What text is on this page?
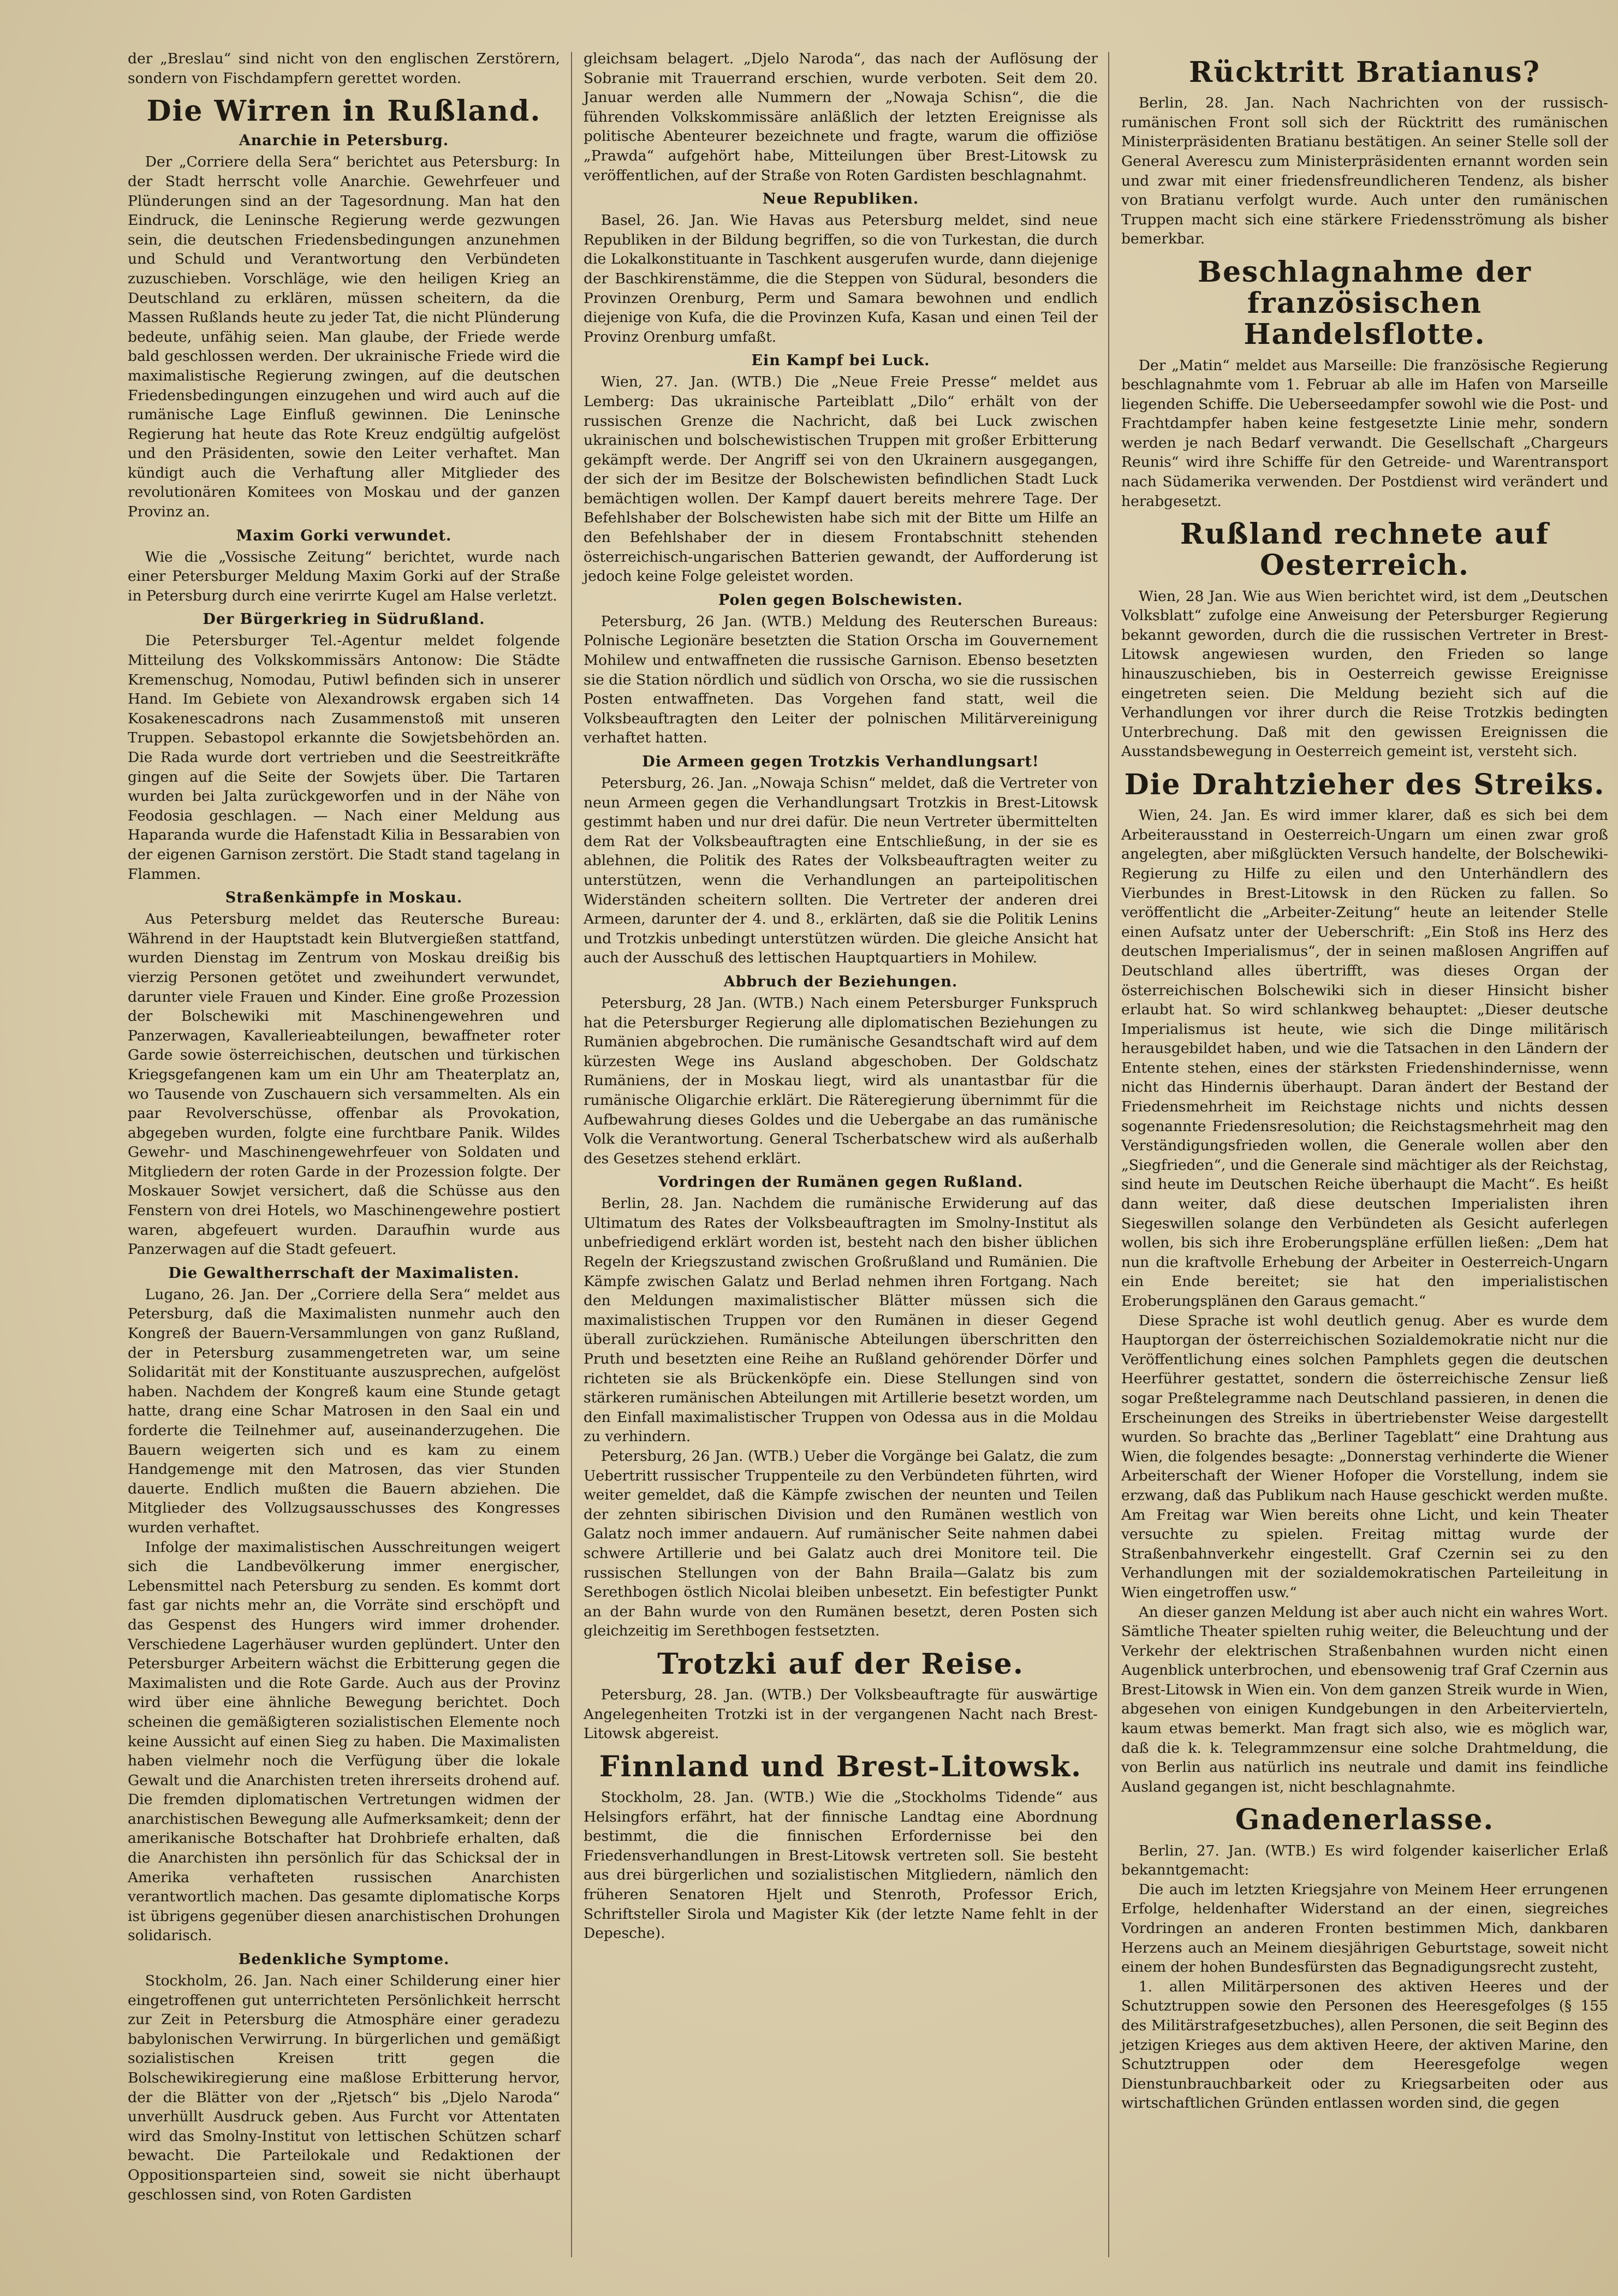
der „Breslau“ sind nicht von den englischen Zerstörern, sondern von Fischdampfern gerettet worden.

Die Wirren in Rußland.
Anarchie in Petersburg.

Der „Corriere della Sera“ berichtet aus Petersburg: In der Stadt herrscht volle Anarchie. Gewehrfeuer und Plünderungen sind an der Tagesordnung. Man hat den Eindruck, die Leninsche Regierung werde gezwungen sein, die deutschen Friedensbedingungen anzunehmen und Schuld und Verantwortung den Verbündeten zuzuschieben. Vorschläge, wie den heiligen Krieg an Deutschland zu erklären, müssen scheitern, da die Massen Rußlands heute zu jeder Tat, die nicht Plünderung bedeute, unfähig seien. Man glaube, der Friede werde bald geschlossen werden. Der ukrainische Friede wird die maximalistische Regierung zwingen, auf die deutschen Friedensbedingungen einzugehen und wird auch auf die rumänische Lage Einfluß gewinnen. Die Leninsche Regierung hat heute das Rote Kreuz endgültig aufgelöst und den Präsidenten, sowie den Leiter verhaftet. Man kündigt auch die Verhaftung aller Mitglieder des revolutionären Komitees von Moskau und der ganzen Provinz an.

Maxim Gorki verwundet.

Wie die „Vossische Zeitung“ berichtet, wurde nach einer Petersburger Meldung Maxim Gorki auf der Straße in Petersburg durch eine verirrte Kugel am Halse verletzt.

Der Bürgerkrieg in Südrußland.

Die Petersburger Tel.-Agentur meldet folgende Mitteilung des Volkskommissärs Antonow: Die Städte Kremenschug, Nomodau, Putiwl befinden sich in unserer Hand. Im Gebiete von Alexandrowsk ergaben sich 14 Kosakenescadrons nach Zusammenstoß mit unseren Truppen. Sebastopol erkannte die Sowjetsbehörden an. Die Rada wurde dort vertrieben und die Seestreitkräfte gingen auf die Seite der Sowjets über. Die Tartaren wurden bei Jalta zurückgeworfen und in der Nähe von Feodosia geschlagen. — Nach einer Meldung aus Haparanda wurde die Hafenstadt Kilia in Bessarabien von der eigenen Garnison zerstört. Die Stadt stand tagelang in Flammen.

Straßenkämpfe in Moskau.

Aus Petersburg meldet das Reutersche Bureau: Während in der Hauptstadt kein Blutvergießen stattfand, wurden Dienstag im Zentrum von Moskau dreißig bis vierzig Personen getötet und zweihundert verwundet, darunter viele Frauen und Kinder. Eine große Prozession der Bolschewiki mit Maschinengewehren und Panzerwagen, Kavallerieabteilungen, bewaffneter roter Garde sowie österreichischen, deutschen und türkischen Kriegsgefangenen kam um ein Uhr am Theaterplatz an, wo Tausende von Zuschauern sich versammelten. Als ein paar Revolverschüsse, offenbar als Provokation, abgegeben wurden, folgte eine furchtbare Panik. Wildes Gewehr- und Maschinengewehrfeuer von Soldaten und Mitgliedern der roten Garde in der Prozession folgte. Der Moskauer Sowjet versichert, daß die Schüsse aus den Fenstern von drei Hotels, wo Maschinengewehre postiert waren, abgefeuert wurden. Daraufhin wurde aus Panzerwagen auf die Stadt gefeuert.

Die Gewaltherrschaft der Maximalisten.

Lugano, 26. Jan. Der „Corriere della Sera“ meldet aus Petersburg, daß die Maximalisten nunmehr auch den Kongreß der Bauern-Versammlungen von ganz Rußland, der in Petersburg zusammengetreten war, um seine Solidarität mit der Konstituante auszusprechen, aufgelöst haben. Nachdem der Kongreß kaum eine Stunde getagt hatte, drang eine Schar Matrosen in den Saal ein und forderte die Teilnehmer auf, auseinanderzugehen. Die Bauern weigerten sich und es kam zu einem Handgemenge mit den Matrosen, das vier Stunden dauerte. Endlich mußten die Bauern abziehen. Die Mitglieder des Vollzugsausschusses des Kongresses wurden verhaftet.

Infolge der maximalistischen Ausschreitungen weigert sich die Landbevölkerung immer energischer, Lebensmittel nach Petersburg zu senden. Es kommt dort fast gar nichts mehr an, die Vorräte sind erschöpft und das Gespenst des Hungers wird immer drohender. Verschiedene Lagerhäuser wurden geplündert. Unter den Petersburger Arbeitern wächst die Erbitterung gegen die Maximalisten und die Rote Garde. Auch aus der Provinz wird über eine ähnliche Bewegung berichtet. Doch scheinen die gemäßigteren sozialistischen Elemente noch keine Aussicht auf einen Sieg zu haben. Die Maximalisten haben vielmehr noch die Verfügung über die lokale Gewalt und die Anarchisten treten ihrerseits drohend auf. Die fremden diplomatischen Vertretungen widmen der anarchistischen Bewegung alle Aufmerksamkeit; denn der amerikanische Botschafter hat Drohbriefe erhalten, daß die Anarchisten ihn persönlich für das Schicksal der in Amerika verhafteten russischen Anarchisten verantwortlich machen. Das gesamte diplomatische Korps ist übrigens gegenüber diesen anarchistischen Drohungen solidarisch.

Bedenkliche Symptome.

Stockholm, 26. Jan. Nach einer Schilderung einer hier eingetroffenen gut unterrichteten Persönlichkeit herrscht zur Zeit in Petersburg die Atmosphäre einer geradezu babylonischen Verwirrung. In bürgerlichen und gemäßigt sozialistischen Kreisen tritt gegen die Bolschewikiregierung eine maßlose Erbitterung hervor, der die Blätter von der „Rjetsch“ bis „Djelo Naroda“ unverhüllt Ausdruck geben. Aus Furcht vor Attentaten wird das Smolny-Institut von lettischen Schützen scharf bewacht. Die Parteilokale und Redaktionen der Oppositionsparteien sind, soweit sie nicht überhaupt geschlossen sind, von Roten Gardisten

gleichsam belagert. „Djelo Naroda“, das nach der Auflösung der Sobranie mit Trauerrand erschien, wurde verboten. Seit dem 20. Januar werden alle Nummern der „Nowaja Schisn“, die die führenden Volkskommissäre anläßlich der letzten Ereignisse als politische Abenteurer bezeichnete und fragte, warum die offiziöse „Prawda“ aufgehört habe, Mitteilungen über Brest-Litowsk zu veröffentlichen, auf der Straße von Roten Gardisten beschlagnahmt.

Neue Republiken.

Basel, 26. Jan. Wie Havas aus Petersburg meldet, sind neue Republiken in der Bildung begriffen, so die von Turkestan, die durch die Lokalkonstituante in Taschkent ausgerufen wurde, dann diejenige der Baschkirenstämme, die die Steppen von Südural, besonders die Provinzen Orenburg, Perm und Samara bewohnen und endlich diejenige von Kufa, die die Provinzen Kufa, Kasan und einen Teil der Provinz Orenburg umfaßt.

Ein Kampf bei Luck.

Wien, 27. Jan. (WTB.) Die „Neue Freie Presse“ meldet aus Lemberg: Das ukrainische Parteiblatt „Dilo“ erhält von der russischen Grenze die Nachricht, daß bei Luck zwischen ukrainischen und bolschewistischen Truppen mit großer Erbitterung gekämpft werde. Der Angriff sei von den Ukrainern ausgegangen, der sich der im Besitze der Bolschewisten befindlichen Stadt Luck bemächtigen wollen. Der Kampf dauert bereits mehrere Tage. Der Befehlshaber der Bolschewisten habe sich mit der Bitte um Hilfe an den Befehlshaber der in diesem Frontabschnitt stehenden österreichisch-ungarischen Batterien gewandt, der Aufforderung ist jedoch keine Folge geleistet worden.

Polen gegen Bolschewisten.

Petersburg, 26 Jan. (WTB.) Meldung des Reuterschen Bureaus: Polnische Legionäre besetzten die Station Orscha im Gouvernement Mohilew und entwaffneten die russische Garnison. Ebenso besetzten sie die Station nördlich und südlich von Orscha, wo sie die russischen Posten entwaffneten. Das Vorgehen fand statt, weil die Volksbeauftragten den Leiter der polnischen Militärvereinigung verhaftet hatten.

Die Armeen gegen Trotzkis Verhandlungsart!

Petersburg, 26. Jan. „Nowaja Schisn“ meldet, daß die Vertreter von neun Armeen gegen die Verhandlungsart Trotzkis in Brest-Litowsk gestimmt haben und nur drei dafür. Die neun Vertreter übermittelten dem Rat der Volksbeauftragten eine Entschließung, in der sie es ablehnen, die Politik des Rates der Volksbeauftragten weiter zu unterstützen, wenn die Verhandlungen an parteipolitischen Widerständen scheitern sollten. Die Vertreter der anderen drei Armeen, darunter der 4. und 8., erklärten, daß sie die Politik Lenins und Trotzkis unbedingt unterstützen würden. Die gleiche Ansicht hat auch der Ausschuß des lettischen Hauptquartiers in Mohilew.

Abbruch der Beziehungen.

Petersburg, 28 Jan. (WTB.) Nach einem Petersburger Funkspruch hat die Petersburger Regierung alle diplomatischen Beziehungen zu Rumänien abgebrochen. Die rumänische Gesandtschaft wird auf dem kürzesten Wege ins Ausland abgeschoben. Der Goldschatz Rumäniens, der in Moskau liegt, wird als unantastbar für die rumänische Oligarchie erklärt. Die Räteregierung übernimmt für die Aufbewahrung dieses Goldes und die Uebergabe an das rumänische Volk die Verantwortung. General Tscherbatschew wird als außerhalb des Gesetzes stehend erklärt.

Vordringen der Rumänen gegen Rußland.

Berlin, 28. Jan. Nachdem die rumänische Erwiderung auf das Ultimatum des Rates der Volksbeauftragten im Smolny-Institut als unbefriedigend erklärt worden ist, besteht nach den bisher üblichen Regeln der Kriegszustand zwischen Großrußland und Rumänien. Die Kämpfe zwischen Galatz und Berlad nehmen ihren Fortgang. Nach den Meldungen maximalistischer Blätter müssen sich die maximalistischen Truppen vor den Rumänen in dieser Gegend überall zurückziehen. Rumänische Abteilungen überschritten den Pruth und besetzten eine Reihe an Rußland gehörender Dörfer und richteten sie als Brückenköpfe ein. Diese Stellungen sind von stärkeren rumänischen Abteilungen mit Artillerie besetzt worden, um den Einfall maximalistischer Truppen von Odessa aus in die Moldau zu verhindern.

Petersburg, 26 Jan. (WTB.) Ueber die Vorgänge bei Galatz, die zum Uebertritt russischer Truppenteile zu den Verbündeten führten, wird weiter gemeldet, daß die Kämpfe zwischen der neunten und Teilen der zehnten sibirischen Division und den Rumänen westlich von Galatz noch immer andauern. Auf rumänischer Seite nahmen dabei schwere Artillerie und bei Galatz auch drei Monitore teil. Die russischen Stellungen von der Bahn Braila—Galatz bis zum Serethbogen östlich Nicolai bleiben unbesetzt. Ein befestigter Punkt an der Bahn wurde von den Rumänen besetzt, deren Posten sich gleichzeitig im Serethbogen festsetzten.

Trotzki auf der Reise.

Petersburg, 28. Jan. (WTB.) Der Volksbeauftragte für auswärtige Angelegenheiten Trotzki ist in der vergangenen Nacht nach Brest-Litowsk abgereist.

Finnland und Brest-Litowsk.

Stockholm, 28. Jan. (WTB.) Wie die „Stockholms Tidende“ aus Helsingfors erfährt, hat der finnische Landtag eine Abordnung bestimmt, die die finnischen Erfordernisse bei den Friedensverhandlungen in Brest-Litowsk vertreten soll. Sie besteht aus drei bürgerlichen und sozialistischen Mitgliedern, nämlich den früheren Senatoren Hjelt und Stenroth, Professor Erich, Schriftsteller Sirola und Magister Kik (der letzte Name fehlt in der Depesche).

Rücktritt Bratianus?

Berlin, 28. Jan. Nach Nachrichten von der russisch-rumänischen Front soll sich der Rücktritt des rumänischen Ministerpräsidenten Bratianu bestätigen. An seiner Stelle soll der General Averescu zum Ministerpräsidenten ernannt worden sein und zwar mit einer friedensfreundlicheren Tendenz, als bisher von Bratianu verfolgt wurde. Auch unter den rumänischen Truppen macht sich eine stärkere Friedensströmung als bisher bemerkbar.

Beschlagnahme der französischen Handelsflotte.

Der „Matin“ meldet aus Marseille: Die französische Regierung beschlagnahmte vom 1. Februar ab alle im Hafen von Marseille liegenden Schiffe. Die Ueberseedampfer sowohl wie die Post- und Frachtdampfer haben keine festgesetzte Linie mehr, sondern werden je nach Bedarf verwandt. Die Gesellschaft „Chargeurs Reunis“ wird ihre Schiffe für den Getreide- und Warentransport nach Südamerika verwenden. Der Postdienst wird verändert und herabgesetzt.

Rußland rechnete auf Oesterreich.

Wien, 28 Jan. Wie aus Wien berichtet wird, ist dem „Deutschen Volksblatt“ zufolge eine Anweisung der Petersburger Regierung bekannt geworden, durch die die russischen Vertreter in Brest-Litowsk angewiesen wurden, den Frieden so lange hinauszuschieben, bis in Oesterreich gewisse Ereignisse eingetreten seien. Die Meldung bezieht sich auf die Verhandlungen vor ihrer durch die Reise Trotzkis bedingten Unterbrechung. Daß mit den gewissen Ereignissen die Ausstandsbewegung in Oesterreich gemeint ist, versteht sich.

Die Drahtzieher des Streiks.

Wien, 24. Jan. Es wird immer klarer, daß es sich bei dem Arbeiterausstand in Oesterreich-Ungarn um einen zwar groß angelegten, aber mißglückten Versuch handelte, der Bolschewiki-Regierung zu Hilfe zu eilen und den Unterhändlern des Vierbundes in Brest-Litowsk in den Rücken zu fallen. So veröffentlicht die „Arbeiter-Zeitung“ heute an leitender Stelle einen Aufsatz unter der Ueberschrift: „Ein Stoß ins Herz des deutschen Imperialismus“, der in seinen maßlosen Angriffen auf Deutschland alles übertrifft, was dieses Organ der österreichischen Bolschewiki sich in dieser Hinsicht bisher erlaubt hat. So wird schlankweg behauptet: „Dieser deutsche Imperialismus ist heute, wie sich die Dinge militärisch herausgebildet haben, und wie die Tatsachen in den Ländern der Entente stehen, eines der stärksten Friedenshindernisse, wenn nicht das Hindernis überhaupt. Daran ändert der Bestand der Friedensmehrheit im Reichstage nichts und nichts dessen sogenannte Friedensresolution; die Reichstagsmehrheit mag den Verständigungsfrieden wollen, die Generale wollen aber den „Siegfrieden“, und die Generale sind mächtiger als der Reichstag, sind heute im Deutschen Reiche überhaupt die Macht“. Es heißt dann weiter, daß diese deutschen Imperialisten ihren Siegeswillen solange den Verbündeten als Gesicht auferlegen wollen, bis sich ihre Eroberungspläne erfüllen ließen: „Dem hat nun die kraftvolle Erhebung der Arbeiter in Oesterreich-Ungarn ein Ende bereitet; sie hat den imperialistischen Eroberungsplänen den Garaus gemacht.“

Diese Sprache ist wohl deutlich genug. Aber es wurde dem Hauptorgan der österreichischen Sozialdemokratie nicht nur die Veröffentlichung eines solchen Pamphlets gegen die deutschen Heerführer gestattet, sondern die österreichische Zensur ließ sogar Preßtelegramme nach Deutschland passieren, in denen die Erscheinungen des Streiks in übertriebenster Weise dargestellt wurden. So brachte das „Berliner Tageblatt“ eine Drahtung aus Wien, die folgendes besagte: „Donnerstag verhinderte die Wiener Arbeiterschaft der Wiener Hofoper die Vorstellung, indem sie erzwang, daß das Publikum nach Hause geschickt werden mußte. Am Freitag war Wien bereits ohne Licht, und kein Theater versuchte zu spielen. Freitag mittag wurde der Straßenbahnverkehr eingestellt. Graf Czernin sei zu den Verhandlungen mit der sozialdemokratischen Parteileitung in Wien eingetroffen usw.“

An dieser ganzen Meldung ist aber auch nicht ein wahres Wort. Sämtliche Theater spielten ruhig weiter, die Beleuchtung und der Verkehr der elektrischen Straßenbahnen wurden nicht einen Augenblick unterbrochen, und ebensowenig traf Graf Czernin aus Brest-Litowsk in Wien ein. Von dem ganzen Streik wurde in Wien, abgesehen von einigen Kundgebungen in den Arbeitervierteln, kaum etwas bemerkt. Man fragt sich also, wie es möglich war, daß die k. k. Telegrammzensur eine solche Drahtmeldung, die von Berlin aus natürlich ins neutrale und damit ins feindliche Ausland gegangen ist, nicht beschlagnahmte.

Gnadenerlasse.

Berlin, 27. Jan. (WTB.) Es wird folgender kaiserlicher Erlaß bekanntgemacht:

Die auch im letzten Kriegsjahre von Meinem Heer errungenen Erfolge, heldenhafter Widerstand an der einen, siegreiches Vordringen an anderen Fronten bestimmen Mich, dankbaren Herzens auch an Meinem diesjährigen Geburtstage, soweit nicht einem der hohen Bundesfürsten das Begnadigungsrecht zusteht,

1. allen Militärpersonen des aktiven Heeres und der Schutztruppen sowie den Personen des Heeresgefolges (§ 155 des Militärstrafgesetzbuches), allen Personen, die seit Beginn des jetzigen Krieges aus dem aktiven Heere, der aktiven Marine, den Schutztruppen oder dem Heeresgefolge wegen Dienstunbrauchbarkeit oder zu Kriegsarbeiten oder aus wirtschaftlichen Gründen entlassen worden sind, die gegen
